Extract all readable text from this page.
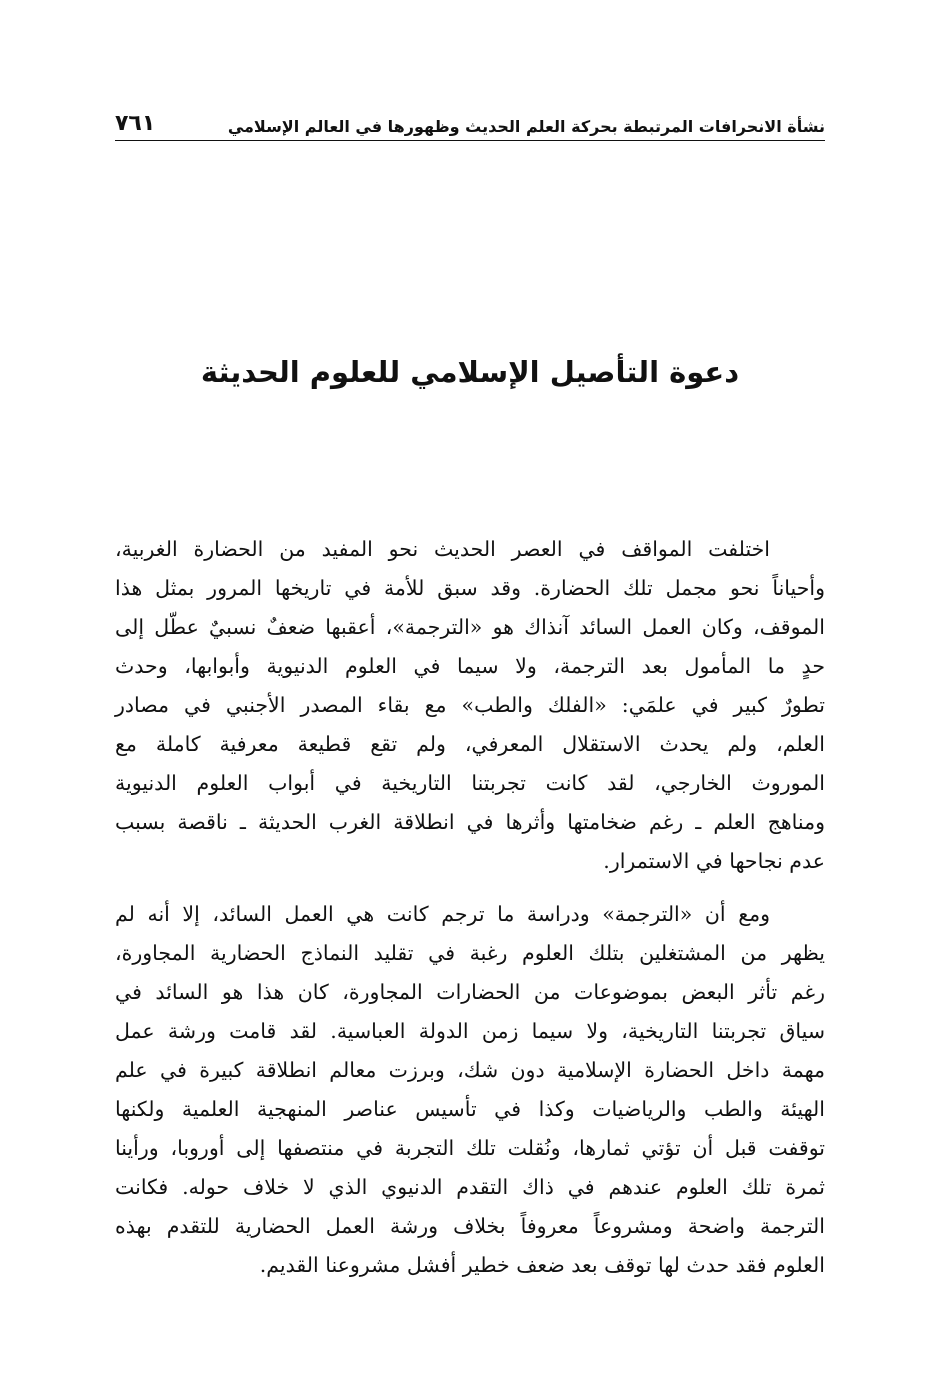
نشأة الانحرافات المرتبطة بحركة العلم الحديث وظهورها في العالم الإسلامي
٧٦١
دعوة التأصيل الإسلامي للعلوم الحديثة

اختلفت المواقف في العصر الحديث نحو المفيد من الحضارة الغربية،
وأحياناً نحو مجمل تلك الحضارة. وقد سبق للأمة في تاريخها المرور بمثل هذا
الموقف، وكان العمل السائد آنذاك هو «الترجمة»، أعقبها ضعفٌ نسبيٌ عطّل إلى
حدٍ ما المأمول بعد الترجمة، ولا سيما في العلوم الدنيوية وأبوابها، وحدث
تطورٌ كبير في علمَي: «الفلك والطب» مع بقاء المصدر الأجنبي في مصادر
العلم، ولم يحدث الاستقلال المعرفي، ولم تقع قطيعة معرفية كاملة مع
الموروث الخارجي، لقد كانت تجربتنا التاريخية في أبواب العلوم الدنيوية
ومناهج العلم ـ رغم ضخامتها وأثرها في انطلاقة الغرب الحديثة ـ ناقصة بسبب
عدم نجاحها في الاستمرار.

ومع أن «الترجمة» ودراسة ما ترجم كانت هي العمل السائد، إلا أنه لم
يظهر من المشتغلين بتلك العلوم رغبة في تقليد النماذج الحضارية المجاورة،
رغم تأثر البعض بموضوعات من الحضارات المجاورة، كان هذا هو السائد في
سياق تجربتنا التاريخية، ولا سيما زمن الدولة العباسية. لقد قامت ورشة عمل
مهمة داخل الحضارة الإسلامية دون شك، وبرزت معالم انطلاقة كبيرة في علم
الهيئة والطب والرياضيات وكذا في تأسيس عناصر المنهجية العلمية ولكنها
توقفت قبل أن تؤتي ثمارها، ونُقلت تلك التجربة في منتصفها إلى أوروبا، ورأينا
ثمرة تلك العلوم عندهم في ذاك التقدم الدنيوي الذي لا خلاف حوله. فكانت
الترجمة واضحة ومشروعاً معروفاً بخلاف ورشة العمل الحضارية للتقدم بهذه
العلوم فقد حدث لها توقف بعد ضعف خطير أفشل مشروعنا القديم.
